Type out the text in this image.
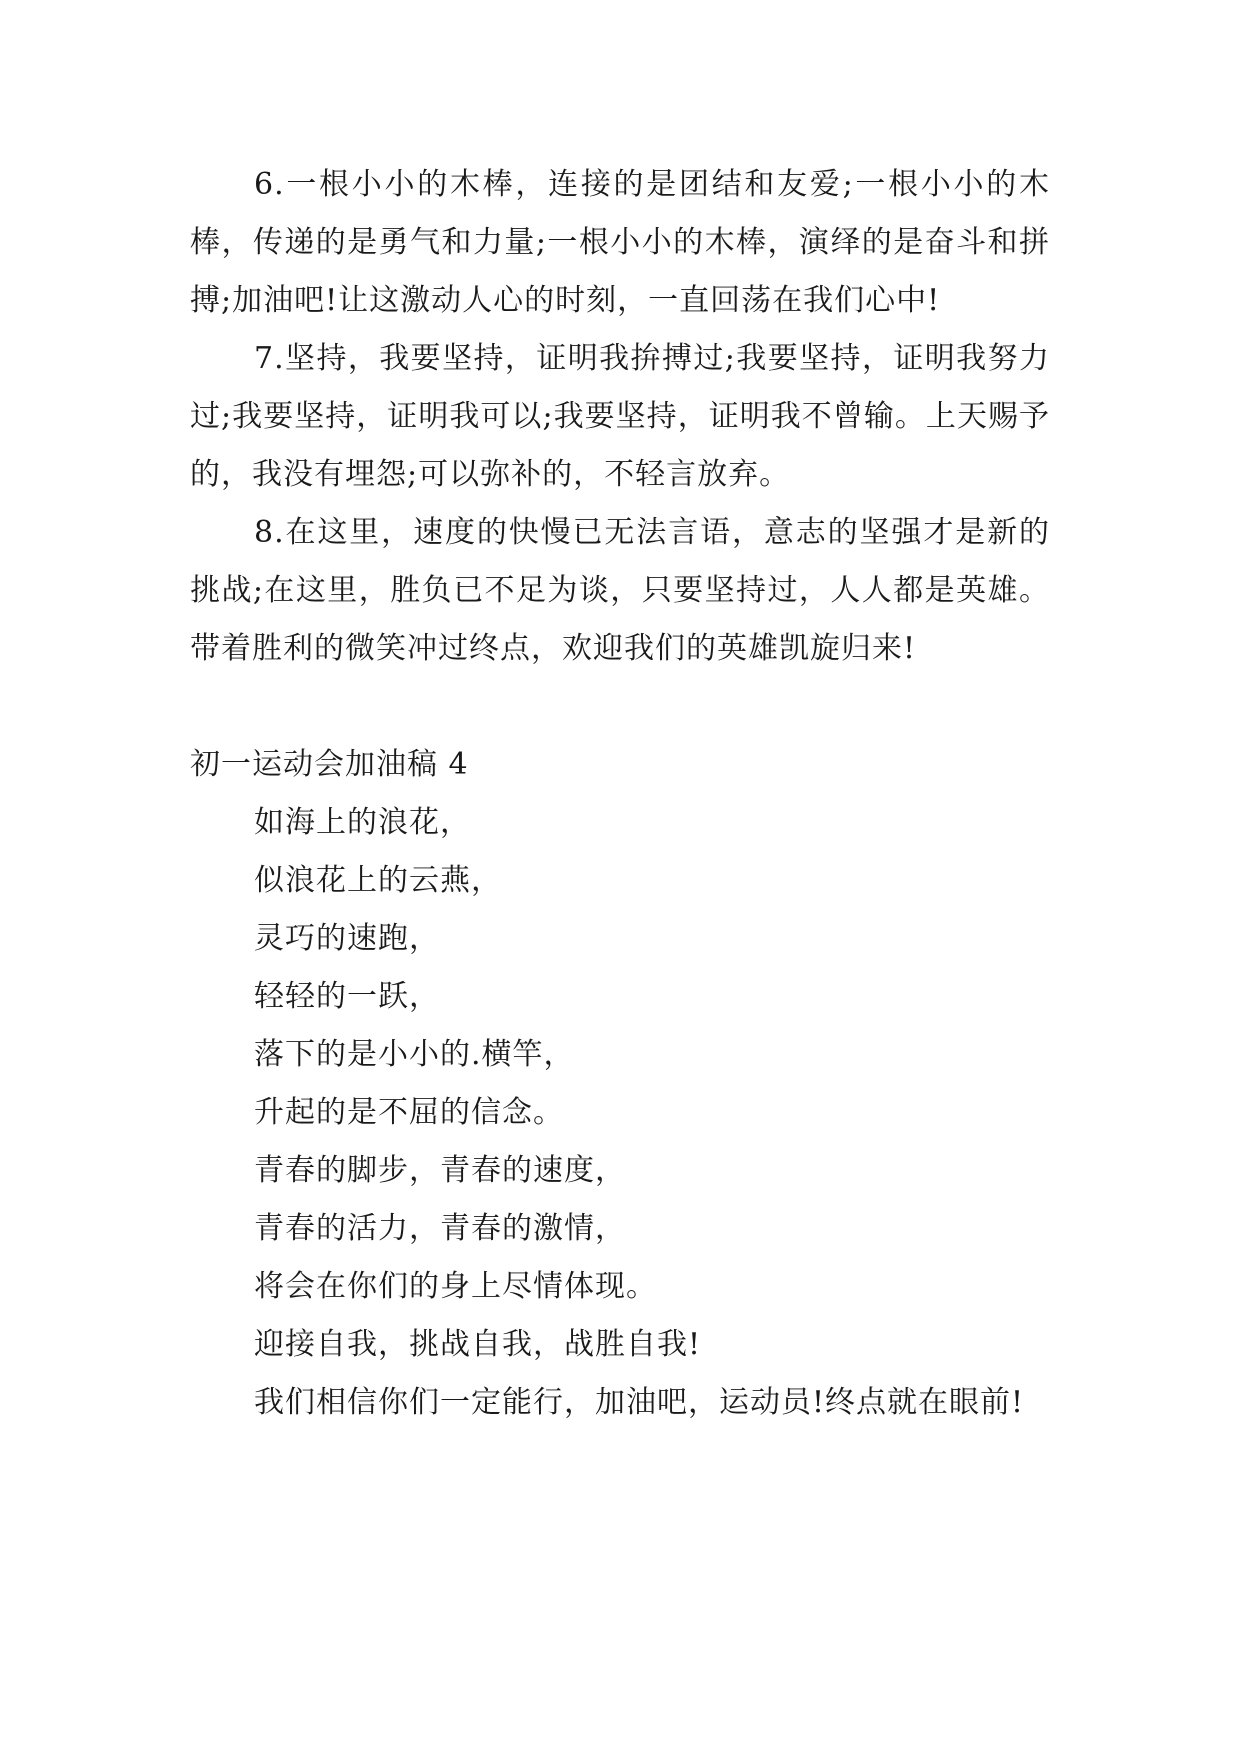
6.一根小小的木棒，连接的是团结和友爱;一根小小的木棒，传递的是勇气和力量;一根小小的木棒，演绎的是奋斗和拼搏;加油吧!让这激动人心的时刻，一直回荡在我们心中!

7.坚持，我要坚持，证明我拚搏过;我要坚持，证明我努力过;我要坚持，证明我可以;我要坚持，证明我不曾输。上天赐予的，我没有埋怨;可以弥补的，不轻言放弃。

8.在这里，速度的快慢已无法言语，意志的坚强才是新的挑战;在这里，胜负已不足为谈，只要坚持过，人人都是英雄。带着胜利的微笑冲过终点，欢迎我们的英雄凯旋归来!

初一运动会加油稿 4
如海上的浪花，
似浪花上的云燕，
灵巧的速跑，
轻轻的一跃，
落下的是小小的.横竿，
升起的是不屈的信念。
青春的脚步，青春的速度，
青春的活力，青春的激情，
将会在你们的身上尽情体现。
迎接自我，挑战自我，战胜自我!
我们相信你们一定能行，加油吧，运动员!终点就在眼前!
